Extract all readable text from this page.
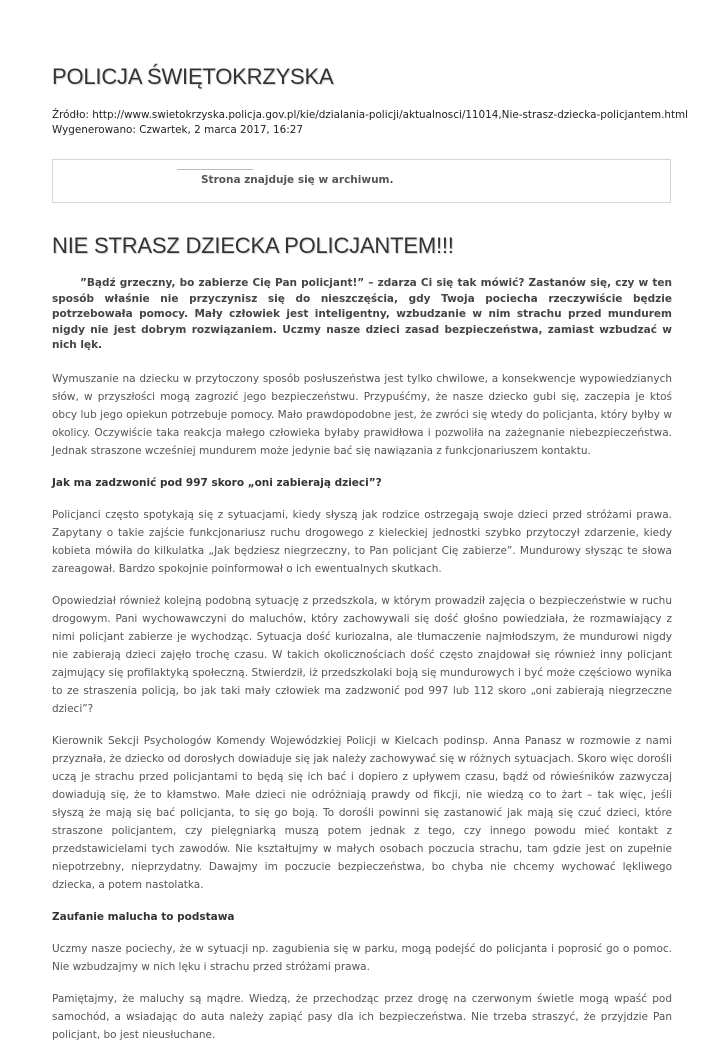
POLICJA ŚWIĘTOKRZYSKA
Źródło: http://www.swietokrzyska.policja.gov.pl/kie/dzialania-policji/aktualnosci/11014,Nie-strasz-dziecka-policjantem.html
Wygenerowano: Czwartek, 2 marca 2017, 16:27
Strona znajduje się w archiwum.
NIE STRASZ DZIECKA POLICJANTEM!!!

”Bądź grzeczny, bo zabierze Cię Pan policjant!” – zdarza Ci się tak mówić? Zastanów się, czy w ten sposób właśnie nie przyczynisz się do nieszczęścia, gdy Twoja pociecha rzeczywiście będzie potrzebowała pomocy. Mały człowiek jest inteligentny, wzbudzanie w nim strachu przed mundurem nigdy nie jest dobrym rozwiązaniem. Uczmy nasze dzieci zasad bezpieczeństwa, zamiast wzbudzać w nich lęk.

Wymuszanie na dziecku w przytoczony sposób posłuszeństwa jest tylko chwilowe, a konsekwencje wypowiedzianych słów, w przyszłości mogą zagrozić jego bezpieczeństwu. Przypuśćmy, że nasze dziecko gubi się, zaczepia je ktoś obcy lub jego opiekun potrzebuje pomocy. Mało prawdopodobne jest, że zwróci się wtedy do policjanta, który byłby w okolicy. Oczywiście taka reakcja małego człowieka byłaby prawidłowa i pozwoliła na zażegnanie niebezpieczeństwa. Jednak straszone wcześniej mundurem może jedynie bać się nawiązania z funkcjonariuszem kontaktu.

Jak ma zadzwonić pod 997 skoro „oni zabierają dzieci”?

Policjanci często spotykają się z sytuacjami, kiedy słyszą jak rodzice ostrzegają swoje dzieci przed stróżami prawa. Zapytany o takie zajście funkcjonariusz ruchu drogowego z kieleckiej jednostki szybko przytoczył zdarzenie, kiedy kobieta mówiła do kilkulatka „Jak będziesz niegrzeczny, to Pan policjant Cię zabierze”. Mundurowy słysząc te słowa zareagował. Bardzo spokojnie poinformował o ich ewentualnych skutkach.

Opowiedział również kolejną podobną sytuację z przedszkola, w którym prowadził zajęcia o bezpieczeństwie w ruchu drogowym. Pani wychowawczyni do maluchów, który zachowywali się dość głośno powiedziała, że rozmawiający z nimi policjant zabierze je wychodząc. Sytuacja dość kuriozalna, ale tłumaczenie najmłodszym, że mundurowi nigdy nie zabierają dzieci zajęło trochę czasu. W takich okolicznościach dość często znajdował się również inny policjant zajmujący się profilaktyką społeczną. Stwierdził, iż przedszkolaki boją się mundurowych i być może częściowo wynika to ze straszenia policją, bo jak taki mały człowiek ma zadzwonić pod 997 lub 112 skoro „oni zabierają niegrzeczne dzieci”?

Kierownik Sekcji Psychologów Komendy Wojewódzkiej Policji w Kielcach podinsp. Anna Panasz w rozmowie z nami przyznała, że dziecko od dorosłych dowiaduje się jak należy zachowywać się w różnych sytuacjach. Skoro więc dorośli uczą je strachu przed policjantami to będą się ich bać i dopiero z upływem czasu, bądź od rówieśników zazwyczaj dowiadują się, że to kłamstwo. Małe dzieci nie odróżniają prawdy od fikcji, nie wiedzą co to żart – tak więc, jeśli słyszą że mają się bać policjanta, to się go boją. To dorośli powinni się zastanowić jak mają się czuć dzieci, które straszone policjantem, czy pielęgniarką muszą potem jednak z tego, czy innego powodu mieć kontakt z przedstawicielami tych zawodów. Nie kształtujmy w małych osobach poczucia strachu, tam gdzie jest on zupełnie niepotrzebny, nieprzydatny. Dawajmy im poczucie bezpieczeństwa, bo chyba nie chcemy wychować lękliwego dziecka, a potem nastolatka.

Zaufanie malucha to podstawa

Uczmy nasze pociechy, że w sytuacji np. zagubienia się w parku, mogą podejść do policjanta i poprosić go o pomoc. Nie wzbudzajmy w nich lęku i strachu przed stróżami prawa.

Pamiętajmy, że maluchy są mądre. Wiedzą, że przechodząc przez drogę na czerwonym świetle mogą wpaść pod samochód, a wsiadając do auta należy zapiąć pasy dla ich bezpieczeństwa. Nie trzeba straszyć, że przyjdzie Pan policjant, bo jest nieusłuchane.
